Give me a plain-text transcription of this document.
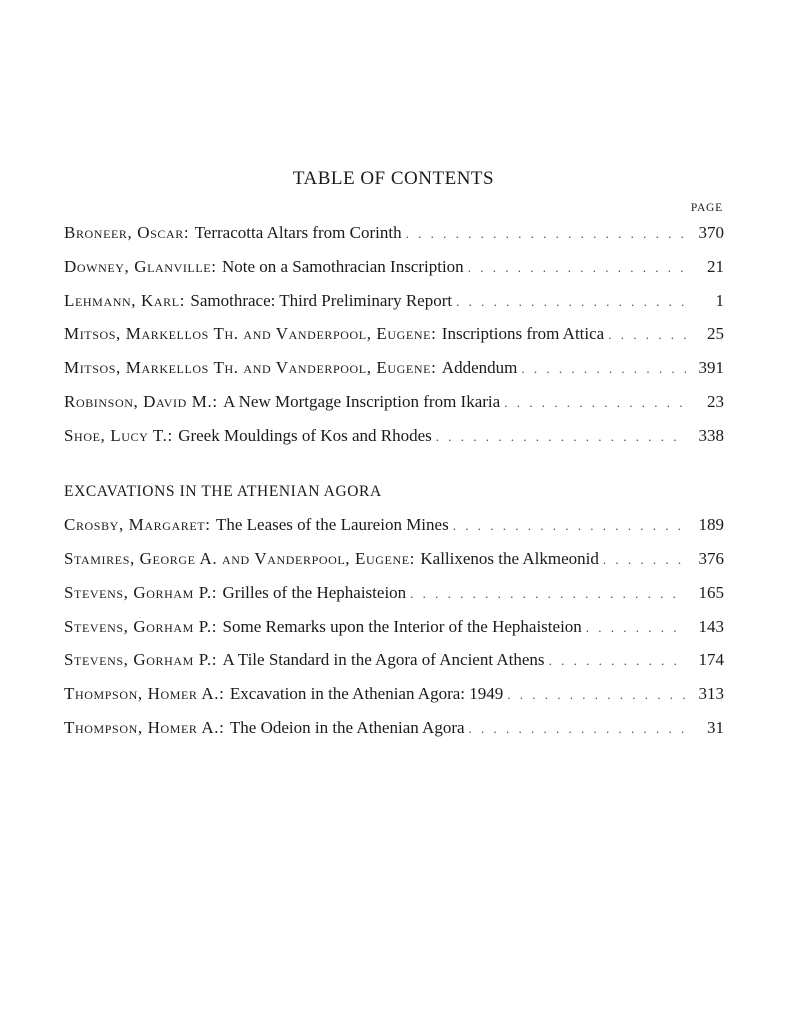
TABLE OF CONTENTS
PAGE
Broneer, Oscar : Terracotta Altars from Corinth . . .	370
Downey, Glanville : Note on a Samothracian Inscription . . .	21
Lehmann, Karl : Samothrace: Third Preliminary Report . . .	1
Mitsos, Markellos Th. and Vanderpool, Eugene : Inscriptions from Attica . . .	25
Mitsos, Markellos Th. and Vanderpool, Eugene : Addendum . . .	391
Robinson, David M. : A New Mortgage Inscription from Ikaria . . .	23
Shoe, Lucy T. : Greek Mouldings of Kos and Rhodes . . .	338
EXCAVATIONS IN THE ATHENIAN AGORA
Crosby, Margaret : The Leases of the Laureion Mines . . .	189
Stamires, George A. and Vanderpool, Eugene : Kallixenos the Alkmeonid . . .	376
Stevens, Gorham P. : Grilles of the Hephaisteion . . .	165
Stevens, Gorham P. : Some Remarks upon the Interior of the Hephaisteion . . .	143
Stevens, Gorham P. : A Tile Standard in the Agora of Ancient Athens . . .	174
Thompson, Homer A. : Excavation in the Athenian Agora: 1949 . . .	313
Thompson, Homer A. : The Odeion in the Athenian Agora . . .	31
